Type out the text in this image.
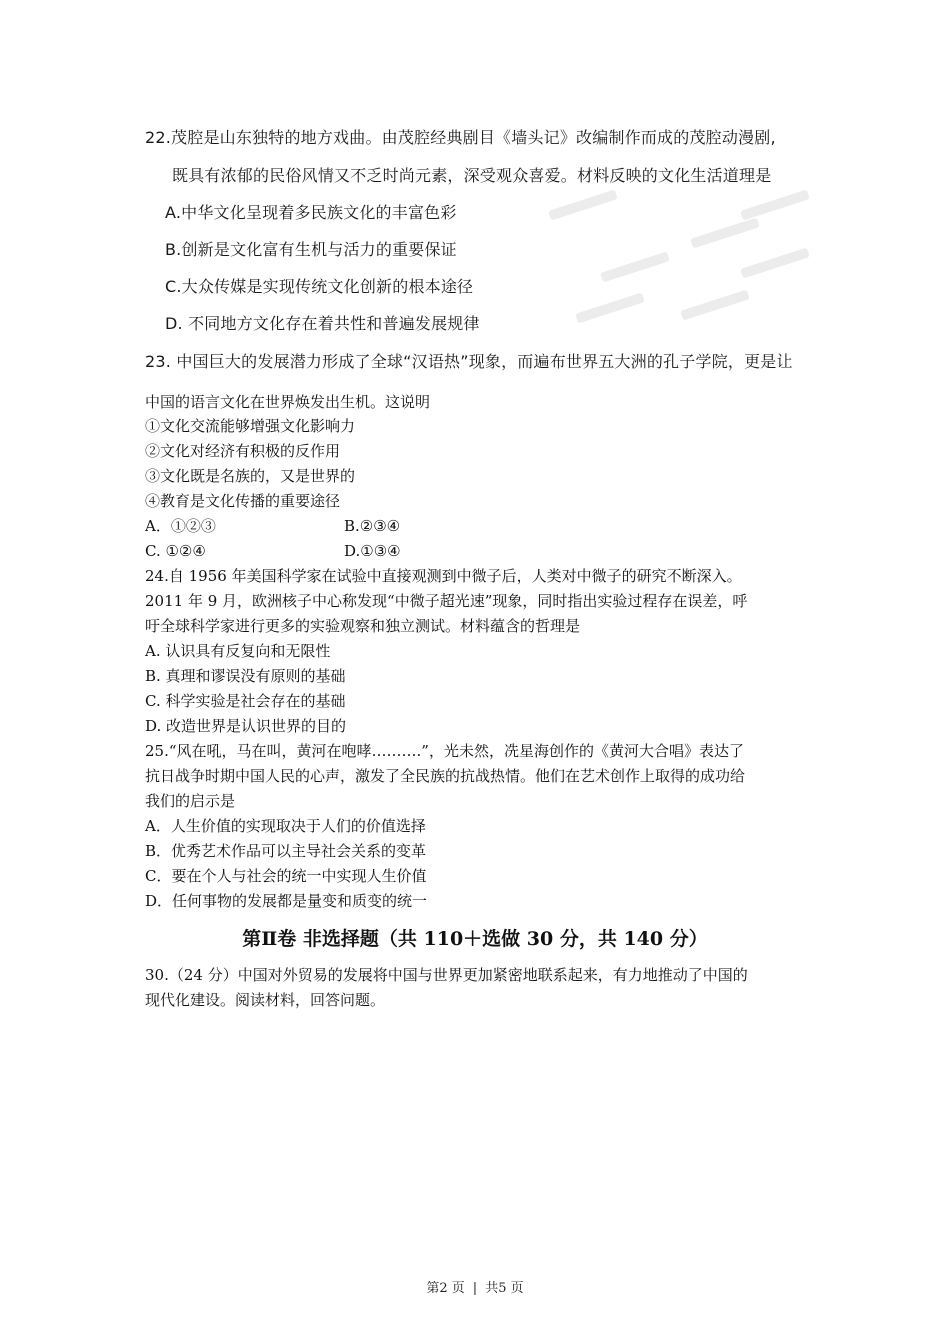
22.茂腔是山东独特的地方戏曲。由茂腔经典剧目《墙头记》改编制作而成的茂腔动漫剧,
既具有浓郁的民俗风情又不乏时尚元素，深受观众喜爱。材料反映的文化生活道理是
A.中华文化呈现着多民族文化的丰富色彩
B.创新是文化富有生机与活力的重要保证
C.大众传媒是实现传统文化创新的根本途径
D. 不同地方文化存在着共性和普遍发展规律
23. 中国巨大的发展潜力形成了全球“汉语热”现象，而遍布世界五大洲的孔子学院，更是让
中国的语言文化在世界焕发出生机。这说明
①文化交流能够增强文化影响力
②文化对经济有积极的反作用
③文化既是名族的，又是世界的
④教育是文化传播的重要途径
A．①②③	B.②③④
C. ①②④	D.①③④
24.自 1956 年美国科学家在试验中直接观测到中微子后，人类对中微子的研究不断深入。
2011 年 9 月，欧洲核子中心称发现“中微子超光速”现象，同时指出实验过程存在误差，呼
吁全球科学家进行更多的实验观察和独立测试。材料蕴含的哲理是
A. 认识具有反复向和无限性
B. 真理和谬误没有原则的基础
C. 科学实验是社会存在的基础
D. 改造世界是认识世界的目的
25.“风在吼，马在叫，黄河在咆哮……….”，光未然，冼星海创作的《黄河大合唱》表达了
抗日战争时期中国人民的心声，激发了全民族的抗战热情。他们在艺术创作上取得的成功给
我们的启示是
A．人生价值的实现取决于人们的价值选择
B．优秀艺术作品可以主导社会关系的变革
C．要在个人与社会的统一中实现人生价值
D．任何事物的发展都是量变和质变的统一
第Ⅱ卷 非选择题（共 110＋选做 30 分，共 140 分）
30.（24 分）中国对外贸易的发展将中国与世界更加紧密地联系起来，有力地推动了中国的
现代化建设。阅读材料，回答问题。
第2 页 | 共5 页
